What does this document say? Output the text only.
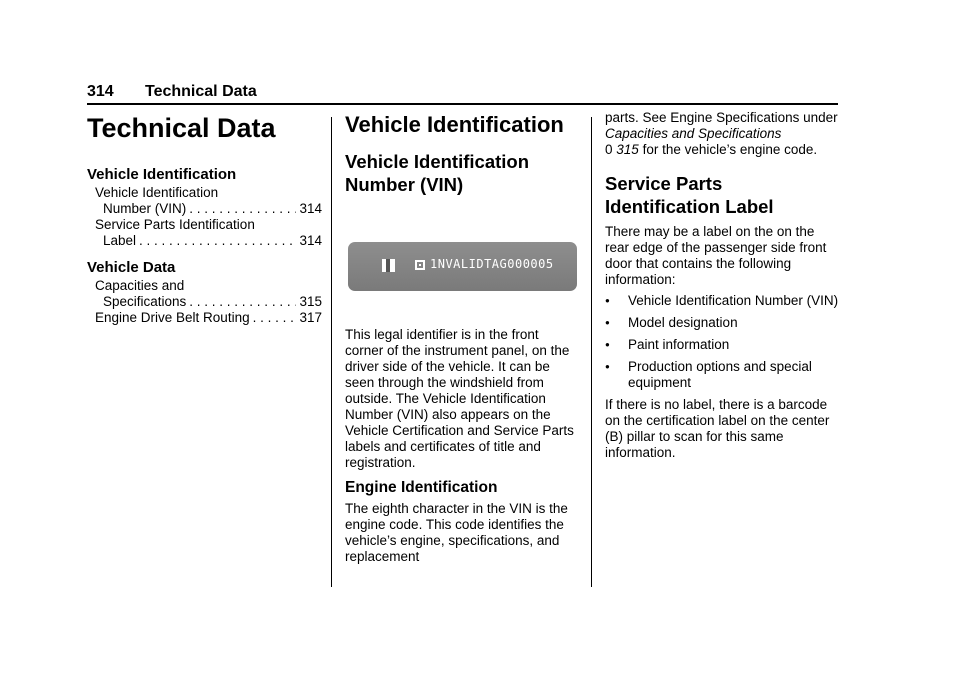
314 Technical Data
Technical Data
Vehicle Identification
Vehicle Identification
Number (VIN) . . .	314
Service Parts Identification
Label . . .	314
Vehicle Data
Capacities and
Specifications . . .	315
Engine Drive Belt Routing . . .	317
Vehicle Identification
Vehicle Identification Number (VIN)
1NVALIDTAG000005

This legal identifier is in the front corner of the instrument panel, on the driver side of the vehicle. It can be seen through the windshield from outside. The Vehicle Identification Number (VIN) also appears on the Vehicle Certification and Service Parts labels and certificates of title and registration.

Engine Identification

The eighth character in the VIN is the engine code. This code identifies the vehicle’s engine, specifications, and replacement

parts. See Engine Specifications under Capacities and Specifications
0 315 for the vehicle’s engine code.

Service Parts Identification Label

There may be a label on the on the rear edge of the passenger side front door that contains the following information:

● Vehicle Identification Number (VIN)
● Model designation
● Paint information
● Production options and special equipment

If there is no label, there is a barcode on the certification label on the center (B) pillar to scan for this same information.
